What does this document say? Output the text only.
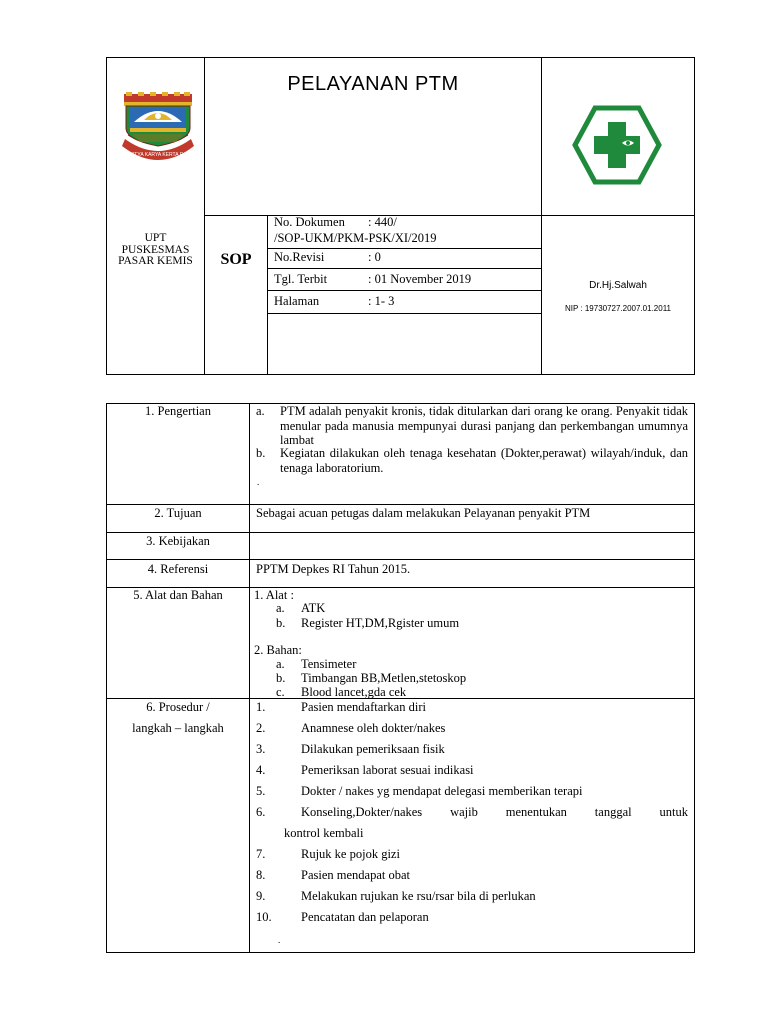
SATYA KARYA KERTA RAHARJA
UPT
PUSKESMAS
PASAR KEMIS
PELAYANAN PTM
SOP
No. Dokumen : 440/
/SOP-UKM/PKM-PSK/XI/2019
No.Revisi	: 0
Tgl. Terbit	: 01 November 2019
Halaman	: 1- 3
Dr.Hj.Salwah
NIP : 19730727.2007.01.2011
1. Pengertian	a. PTM adalah penyakit kronis, tidak ditularkan dari orang ke orang. Penyakit tidak menular pada manusia mempunyai durasi panjang dan perkembangan umumnya lambat
b. Kegiatan dilakukan oleh tenaga kesehatan (Dokter,perawat) wilayah/induk, dan tenaga laboratorium.
.
2. Tujuan	Sebagai acuan petugas dalam melakukan Pelayanan penyakit PTM
3. Kebijakan
4. Referensi	PPTM Depkes RI Tahun 2015.
5. Alat dan Bahan	1. Alat :
a. ATK
b. Register HT,DM,Rgister umum
2. Bahan:
a. Tensimeter
b. Timbangan BB,Metlen,stetoskop
c. Blood lancet,gda cek
6. Prosedur /
langkah – langkah
1.	Pasien mendaftarkan diri
2.	Anamnese oleh dokter/nakes
3.	Dilakukan pemeriksaan fisik
4.	Pemeriksan laborat sesuai indikasi
5.	Dokter / nakes yg mendapat delegasi memberikan terapi
6.	Konseling,Dokter/nakes wajib menentukan tanggal untuk
kontrol kembali
7.	Rujuk ke pojok gizi
8.	Pasien mendapat obat
9.	Melakukan rujukan ke rsu/rsar bila di perlukan
10. Pencatatan dan pelaporan
.
